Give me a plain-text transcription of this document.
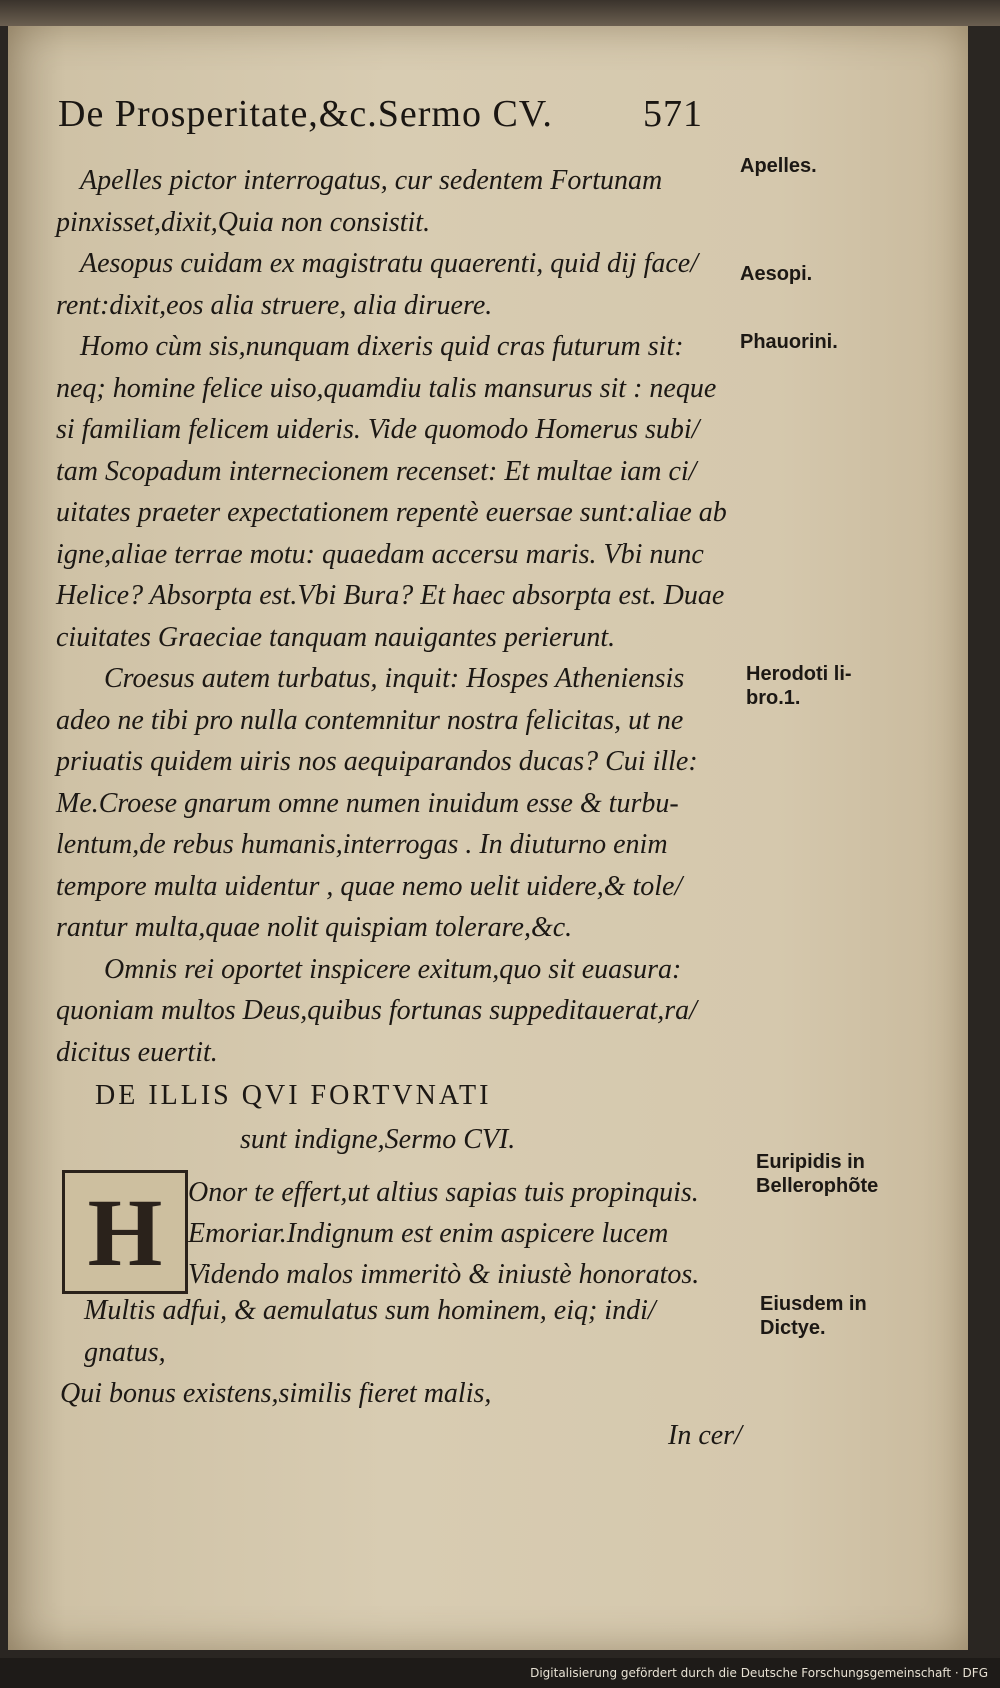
De Prosperitate,&c.Sermo CV. 571
Apelles pictor interrogatus, cur sedentem Fortunam
pinxisset,dixit,Quia non consistit.
Aesopus cuidam ex magistratu quaerenti, quid dij face/
rent:dixit,eos alia struere, alia diruere.
Homo cùm sis,nunquam dixeris quid cras futurum sit:
neq; homine felice uiso,quamdiu talis mansurus sit : neque
si familiam felicem uideris. Vide quomodo Homerus subi/
tam Scopadum internecionem recenset: Et multae iam ci/
uitates praeter expectationem repentè euersae sunt:aliae ab
igne,aliae terrae motu: quaedam accersu maris. Vbi nunc
Helice? Absorpta est.Vbi Bura? Et haec absorpta est. Duae
ciuitates Graeciae tanquam nauigantes perierunt.
Croesus autem turbatus, inquit: Hospes Atheniensis
adeo ne tibi pro nulla contemnitur nostra felicitas, ut ne
priuatis quidem uiris nos aequiparandos ducas? Cui ille:
Me.Croese gnarum omne numen inuidum esse & turbu-
lentum,de rebus humanis,interrogas . In diuturno enim
tempore multa uidentur , quae nemo uelit uidere,& tole/
rantur multa,quae nolit quispiam tolerare,&c.
Omnis rei oportet inspicere exitum,quo sit euasura:
quoniam multos Deus,quibus fortunas suppeditauerat,ra/
dicitus euertit.
DE ILLIS QVI FORTVNATI
sunt indigne,Sermo CVI.
H Onor te effert,ut altius sapias tuis propinquis.
Emoriar.Indignum est enim aspicere lucem
Videndo malos immeritò & iniustè honoratos.
Multis adfui, & aemulatus sum hominem, eiq; indi/
gnatus,
Qui bonus existens,similis fieret malis,
Apelles.
Aesopi.
Phauorini.
Herodoti li-
bro.1.
Euripidis in
Bellerophõte
Eiusdem in
Dictye.
In cer/
Digitalisierung gefördert durch die Deutsche Forschungsgemeinschaft · DFG
